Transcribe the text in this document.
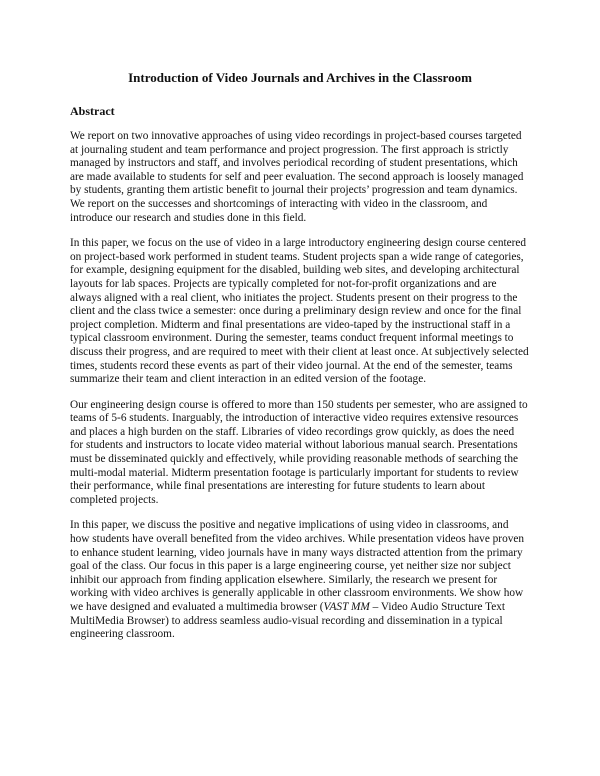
Introduction of Video Journals and Archives in the Classroom
Abstract

We report on two innovative approaches of using video recordings in project-based courses targeted at journaling student and team performance and project progression. The first approach is strictly managed by instructors and staff, and involves periodical recording of student presentations, which are made available to students for self and peer evaluation. The second approach is loosely managed by students, granting them artistic benefit to journal their projects’ progression and team dynamics. We report on the successes and shortcomings of interacting with video in the classroom, and introduce our research and studies done in this field.

In this paper, we focus on the use of video in a large introductory engineering design course centered on project-based work performed in student teams. Student projects span a wide range of categories, for example, designing equipment for the disabled, building web sites, and developing architectural layouts for lab spaces. Projects are typically completed for not-for-profit organizations and are always aligned with a real client, who initiates the project. Students present on their progress to the client and the class twice a semester: once during a preliminary design review and once for the final project completion. Midterm and final presentations are video-taped by the instructional staff in a typical classroom environment. During the semester, teams conduct frequent informal meetings to discuss their progress, and are required to meet with their client at least once. At subjectively selected times, students record these events as part of their video journal. At the end of the semester, teams summarize their team and client interaction in an edited version of the footage.

Our engineering design course is offered to more than 150 students per semester, who are assigned to teams of 5-6 students. Inarguably, the introduction of interactive video requires extensive resources and places a high burden on the staff. Libraries of video recordings grow quickly, as does the need for students and instructors to locate video material without laborious manual search. Presentations must be disseminated quickly and effectively, while providing reasonable methods of searching the multi-modal material. Midterm presentation footage is particularly important for students to review their performance, while final presentations are interesting for future students to learn about completed projects.

In this paper, we discuss the positive and negative implications of using video in classrooms, and how students have overall benefited from the video archives. While presentation videos have proven to enhance student learning, video journals have in many ways distracted attention from the primary goal of the class. Our focus in this paper is a large engineering course, yet neither size nor subject inhibit our approach from finding application elsewhere. Similarly, the research we present for working with video archives is generally applicable in other classroom environments. We show how we have designed and evaluated a multimedia browser (VAST MM – Video Audio Structure Text MultiMedia Browser) to address seamless audio-visual recording and dissemination in a typical engineering classroom.
